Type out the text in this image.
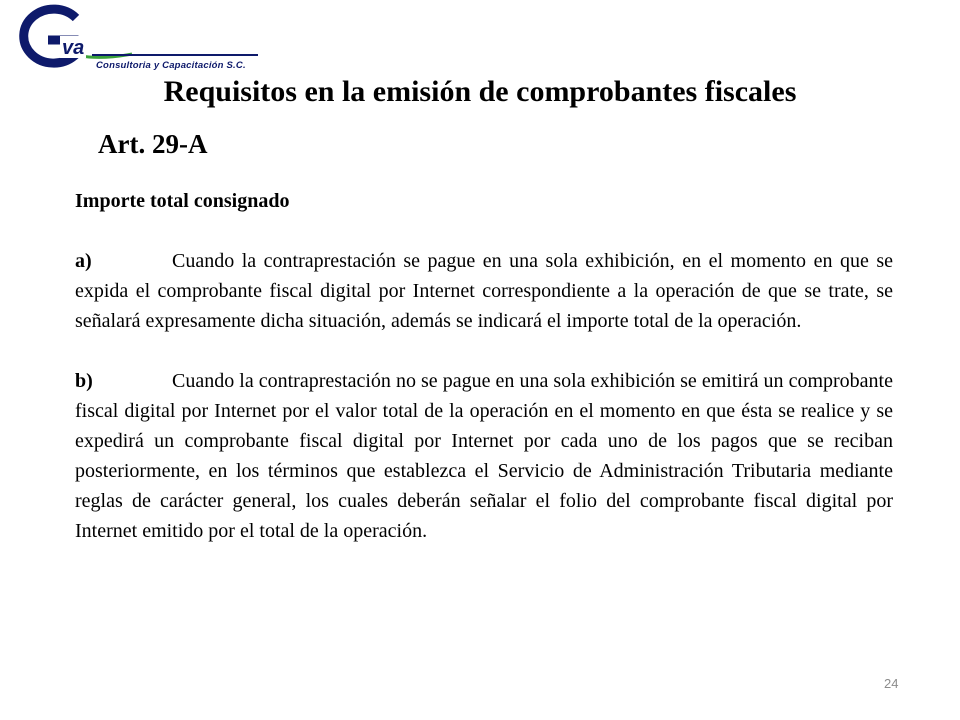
va
Consultoria y Capacitación S.C.
Requisitos en la emisión de comprobantes fiscales
Art. 29-A

Importe total consignado

a)	Cuando la contraprestación se pague en una sola exhibición, en el momento en que se expida el comprobante fiscal digital por Internet correspondiente a la operación de que se trate, se señalará expresamente dicha situación, además se indicará el importe total de la operación.

b)	Cuando la contraprestación no se pague en una sola exhibición se emitirá un comprobante fiscal digital por Internet por el valor total de la operación en el momento en que ésta se realice y se expedirá un comprobante fiscal digital por Internet por cada uno de los pagos que se reciban posteriormente, en los términos que establezca el Servicio de Administración Tributaria mediante reglas de carácter general, los cuales deberán señalar el folio del comprobante fiscal digital por Internet emitido por el total de la operación.

24
